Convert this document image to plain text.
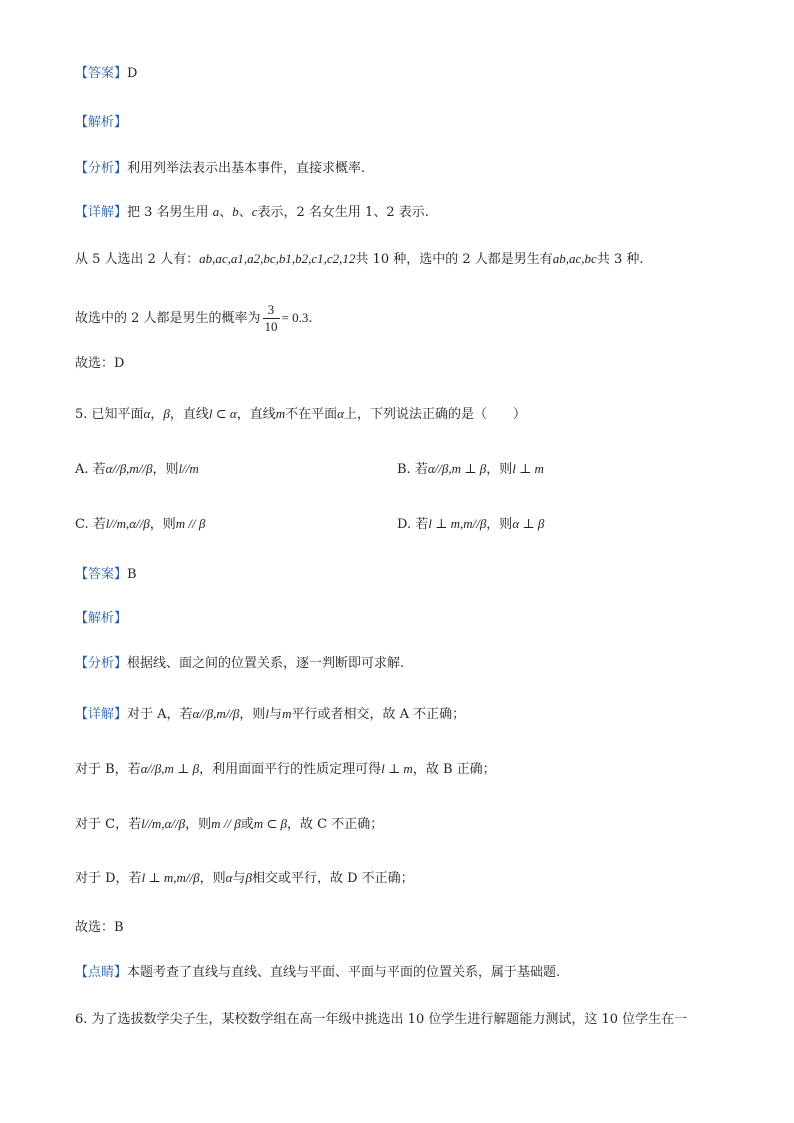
【答案】D
【解析】
【分析】利用列举法表示出基本事件，直接求概率.
【详解】把 3 名男生用 a、b、c表示，2 名女生用 1、2 表示.
从 5 人选出 2 人有：ab,ac,a1,a2,bc,b1,b2,c1,c2,12共 10 种，选中的 2 人都是男生有ab,ac,bc共 3 种.
故选中的 2 人都是男生的概率为 $\frac{3}{10} = 0.3$.
故选：D
5. 已知平面α，β，直线l ⊂ α，直线m不在平面α上，下列说法正确的是（　　）
A. 若α//β,m//β，则l//m	B. 若α//β,m ⊥ β，则l ⊥ m
C. 若l//m,α//β，则m // β	D. 若l ⊥ m,m//β，则α ⊥ β
【答案】B
【解析】
【分析】根据线、面之间的位置关系，逐一判断即可求解.
【详解】对于 A，若α//β,m//β，则l与m平行或者相交，故 A 不正确；
对于 B，若α//β,m ⊥ β，利用面面平行的性质定理可得l ⊥ m，故 B 正确；
对于 C，若l//m,α//β，则m // β或m ⊂ β，故 C 不正确；
对于 D，若l ⊥ m,m//β，则α与β相交或平行，故 D 不正确；
故选：B
【点睛】本题考查了直线与直线、直线与平面、平面与平面的位置关系，属于基础题.
6. 为了选拔数学尖子生，某校数学组在高一年级中挑选出 10 位学生进行解题能力测试，这 10 位学生在一
